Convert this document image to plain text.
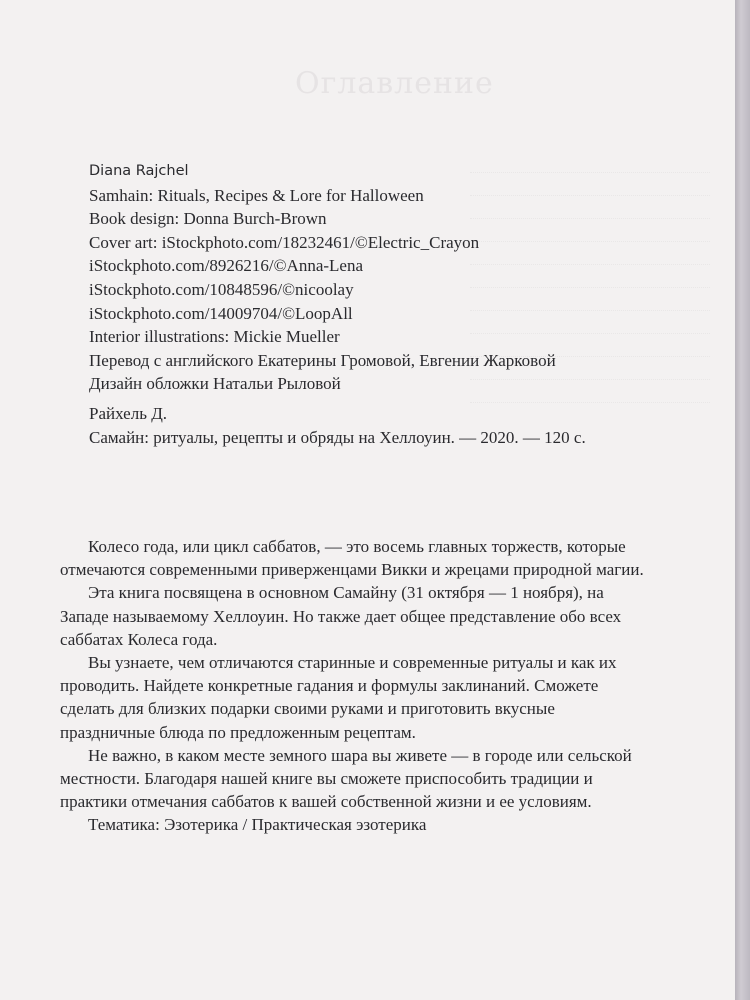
Оглавление

Diana Rajchel
Samhain: Rituals, Recipes & Lore for Halloween
Book design: Donna Burch-Brown
Cover art: iStockphoto.com/18232461/©Electric_Crayon
iStockphoto.com/8926216/©Anna-Lena
iStockphoto.com/10848596/©nicoolay
iStockphoto.com/14009704/©LoopAll
Interior illustrations: Mickie Mueller
Перевод с английского Екатерины Громовой, Евгении Жарковой
Дизайн обложки Натальи Рыловой
Райхель Д.
Самайн: ритуалы, рецепты и обряды на Хеллоуин. — 2020. — 120 с.

Колесо года, или цикл саббатов, — это восемь главных торжеств, которые
отмечаются современными приверженцами Викки и жрецами природной магии.

Эта книга посвящена в основном Самайну (31 октября — 1 ноября), на
Западе называемому Хеллоуин. Но также дает общее представление обо всех
саббатах Колеса года.

Вы узнаете, чем отличаются старинные и современные ритуалы и как их
проводить. Найдете конкретные гадания и формулы заклинаний. Сможете
сделать для близких подарки своими руками и приготовить вкусные
праздничные блюда по предложенным рецептам.

Не важно, в каком месте земного шара вы живете — в городе или сельской
местности. Благодаря нашей книге вы сможете приспособить традиции и
практики отмечания саббатов к вашей собственной жизни и ее условиям.

Тематика: Эзотерика / Практическая эзотерика
